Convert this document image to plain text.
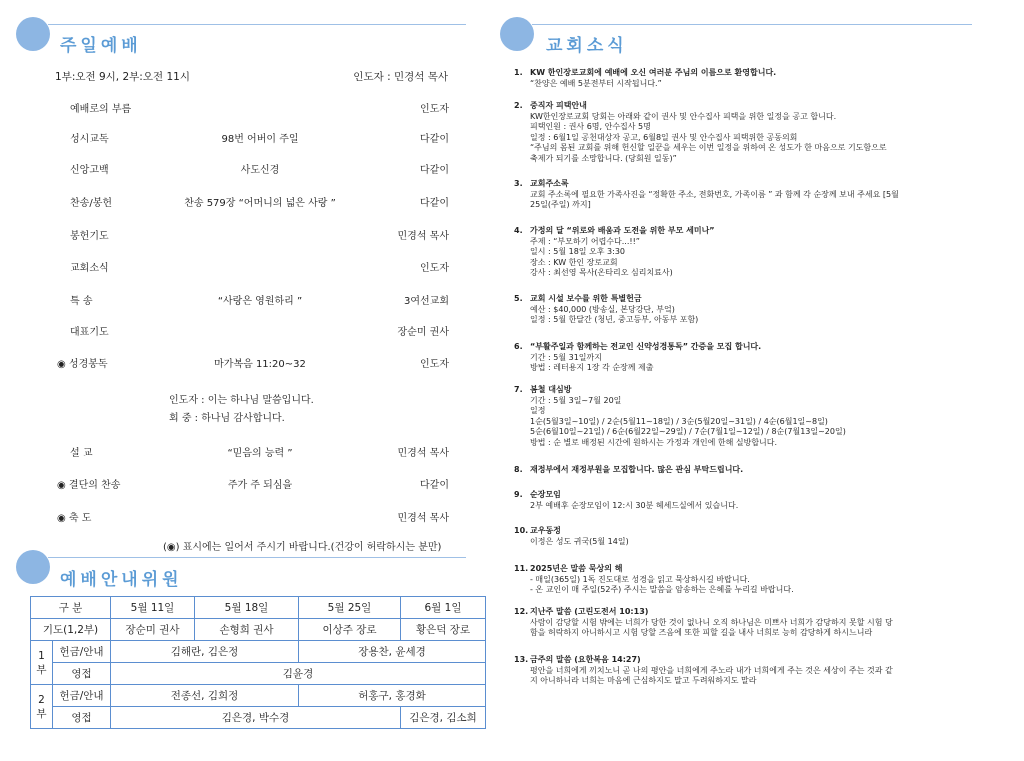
주일예배
1부:오전 9시, 2부:오전 11시	인도자 : 민경석 목사
예배로의 부름	인도자
성시교독	98번 어버이 주일	다같이
신앙고백	사도신경	다같이
찬송/봉헌	찬송 579장 “어머니의 넓은 사랑 ”	다같이
봉헌기도	민경석 목사
교회소식	인도자
특 송	“사랑은 영원하리 ”	3여선교회
대표기도	장순미 권사
◉ 성경봉독	마가복음 11:20~32	인도자
인도자 : 이는 하나님 말씀입니다.
회 중 : 하나님 감사합니다.
설 교	“믿음의 능력 ”	민경석 목사
◉ 결단의 찬송	주가 주 되심을	다같이
◉ 축 도	민경석 목사
(◉) 표시에는 일어서 주시기 바랍니다.(건강이 허락하시는 분만)
예배안내위원
구 분		5월 11일	5월 18일	5월 25일	6월 1일
기도(1,2부)		장순미 권사	손형희 권사	이상주 장로	황은덕 장로
1
부	헌금/안내	김해란, 김은정		장용찬, 윤세경	
	영접	김윤경			
2
부	헌금/안내	전종선, 김희정		허홍구, 홍경화	
	영접	김은경, 박수경			김은경, 김소희
교회소식
1. KW 한인장로교회에 예배에 오신 여러분 주님의 이름으로 환영합니다.
“찬양은 예배 5분전부터 시작됩니다.”
2. 중직자 피택안내
KW한인장로교회 당회는 아래와 같이 권사 및 안수집사 피택을 위한 일정을 공고 합니다.
피택인원 : 권사 6명, 안수집사 5명
일정 : 6월1일 공천대상자 공고, 6월8일 권사 및 안수집사 피택위한 공동의회
“주님의 몸된 교회를 위해 헌신할 일꾼을 세우는 이번 일정을 위하여 온 성도가 한 마음으로 기도함으로
축제가 되기를 소망합니다. (당회원 일동)”
3. 교회주소록
교회 주소록에 필요한 가족사진을 “정확한 주소, 전화번호, 가족이름 ” 과 함께 각 순장께 보내 주세요 [5월
25일(주일) 까지]
4. 가정의 달 “위로와 배움과 도전을 위한 부모 세미나”
주제 : “부모하기 어렵수다...!!”
일시 : 5월 18일 오후 3:30
장소 : KW 한인 장로교회
강사 : 최선영 목사(온타리오 심리치료사)
5. 교회 시설 보수를 위한 특별헌금
예산 : $40,000 (방송실, 본당강단, 부엌)
일정 : 5월 한달간 (청년, 중고등부, 아동부 포함)
6. “부활주일과 함께하는 전교인 신약성경통독” 간증을 모집 합니다.
기간 : 5월 31일까지
방법 : 레터용지 1장 각 순장께 제출
7. 봄철 대심방
기간 : 5월 3일~7월 20일
일정
1순(5월3일~10일) / 2순(5월11~18일) / 3순(5월20일~31일) / 4순(6월1일~8일)
5순(6월10일~21일) / 6순(6월22일~29일) / 7순(7월1일~12일) / 8순(7월13일~20일)
방법 : 순 별로 배정된 시간에 원하시는 가정과 개인에 한해 실방합니다.
8. 재정부에서 재정부원을 모집합니다. 많은 관심 부탁드립니다.
9. 순장모임
2부 예배후 순장모임이 12:시 30분 헤세드실에서 있습니다.
10. 교우동정
이정은 성도 귀국(5월 14일)
11. 2025년은 말씀 묵상의 해
- 매일(365일) 1독 진도대로 성경을 읽고 묵상하시길 바랍니다.
- 온 교인이 매 주일(52주) 주시는 말씀을 암송하는 은혜를 누리길 바랍니다.
12. 지난주 말씀 (고린도전서 10:13)
사람이 감당할 시험 밖에는 너희가 당한 것이 없나니 오직 하나님은 미쁘사 너희가 감당하지 못할 시험 당
함을 허락하지 아니하시고 시험 당할 즈음에 또한 피할 길을 내사 너희로 능히 감당하게 하시느니라
13. 금주의 말씀 (요한복음 14:27)
평안을 너희에게 끼치노니 곧 나의 평안을 너희에게 주노라 내가 너희에게 주는 것은 세상이 주는 것과 같
지 아니하니라 너희는 마음에 근심하지도 말고 두려워하지도 말라
